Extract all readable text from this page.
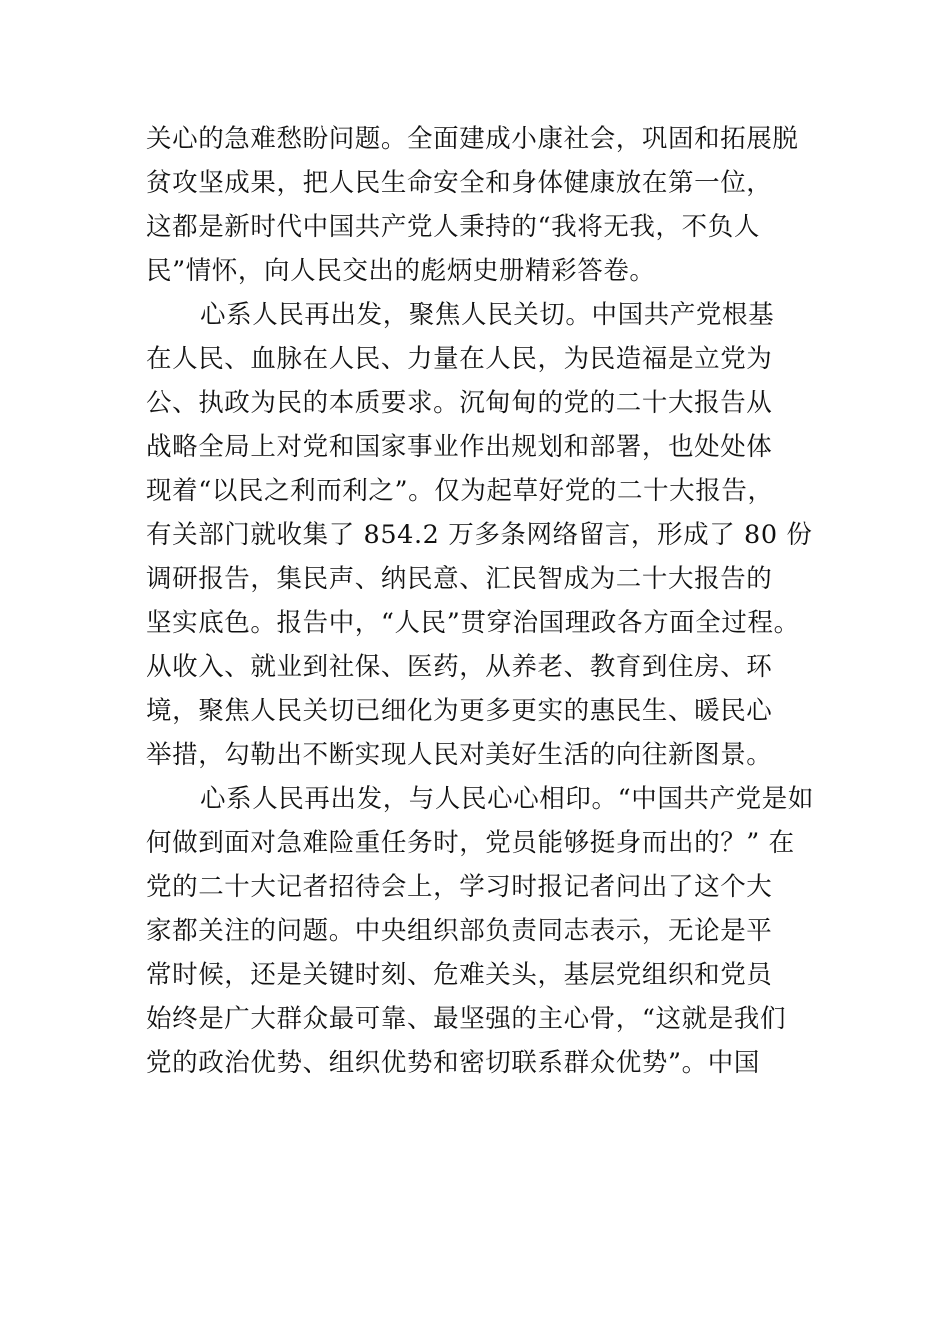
关心的急难愁盼问题。全面建成小康社会，巩固和拓展脱
贫攻坚成果，把人民生命安全和身体健康放在第一位，
这都是新时代中国共产党人秉持的“我将无我，不负人
民”情怀，向人民交出的彪炳史册精彩答卷。
心系人民再出发，聚焦人民关切。中国共产党根基
在人民、血脉在人民、力量在人民，为民造福是立党为
公、执政为民的本质要求。沉甸甸的党的二十大报告从
战略全局上对党和国家事业作出规划和部署，也处处体
现着“以民之利而利之”。仅为起草好党的二十大报告，
有关部门就收集了 854.2 万多条网络留言，形成了 80 份
调研报告，集民声、纳民意、汇民智成为二十大报告的
坚实底色。报告中，“人民”贯穿治国理政各方面全过程。
从收入、就业到社保、医药，从养老、教育到住房、环
境，聚焦人民关切已细化为更多更实的惠民生、暖民心
举措，勾勒出不断实现人民对美好生活的向往新图景。
心系人民再出发，与人民心心相印。“中国共产党是如
何做到面对急难险重任务时，党员能够挺身而出的？” 在
党的二十大记者招待会上，学习时报记者问出了这个大
家都关注的问题。中央组织部负责同志表示，无论是平
常时候，还是关键时刻、危难关头，基层党组织和党员
始终是广大群众最可靠、最坚强的主心骨，“这就是我们
党的政治优势、组织优势和密切联系群众优势”。中国
